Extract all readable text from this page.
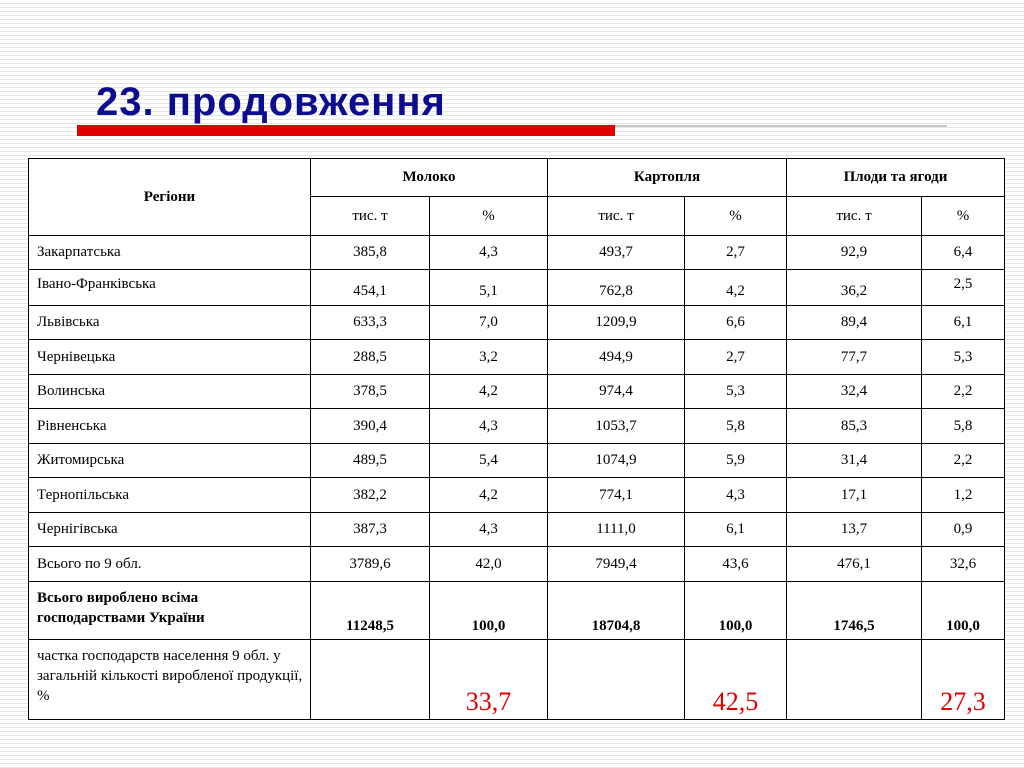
23. продовження
Регіони	Молоко		Картопля		Плоди та ягоди	
	тис. т	%	тис. т	%	тис. т	%
Закарпатська	385,8	4,3	493,7	2,7	92,9	6,4
Івано-Франківська	454,1	5,1	762,8	4,2	36,2	2,5
Львівська	633,3	7,0	1209,9	6,6	89,4	6,1
Чернівецька	288,5	3,2	494,9	2,7	77,7	5,3
Волинська	378,5	4,2	974,4	5,3	32,4	2,2
Рівненська	390,4	4,3	1053,7	5,8	85,3	5,8
Житомирська	489,5	5,4	1074,9	5,9	31,4	2,2
Тернопільська	382,2	4,2	774,1	4,3	17,1	1,2
Чернігівська	387,3	4,3	1111,0	6,1	13,7	0,9
Всього по 9 обл.	3789,6	42,0	7949,4	43,6	476,1	32,6
Всього вироблено всіма господарствами України	11248,5	100,0	18704,8	100,0	1746,5	100,0
частка господарств населення 9 обл. у загальній кількості виробленої продукції, %		33,7		42,5		27,3
